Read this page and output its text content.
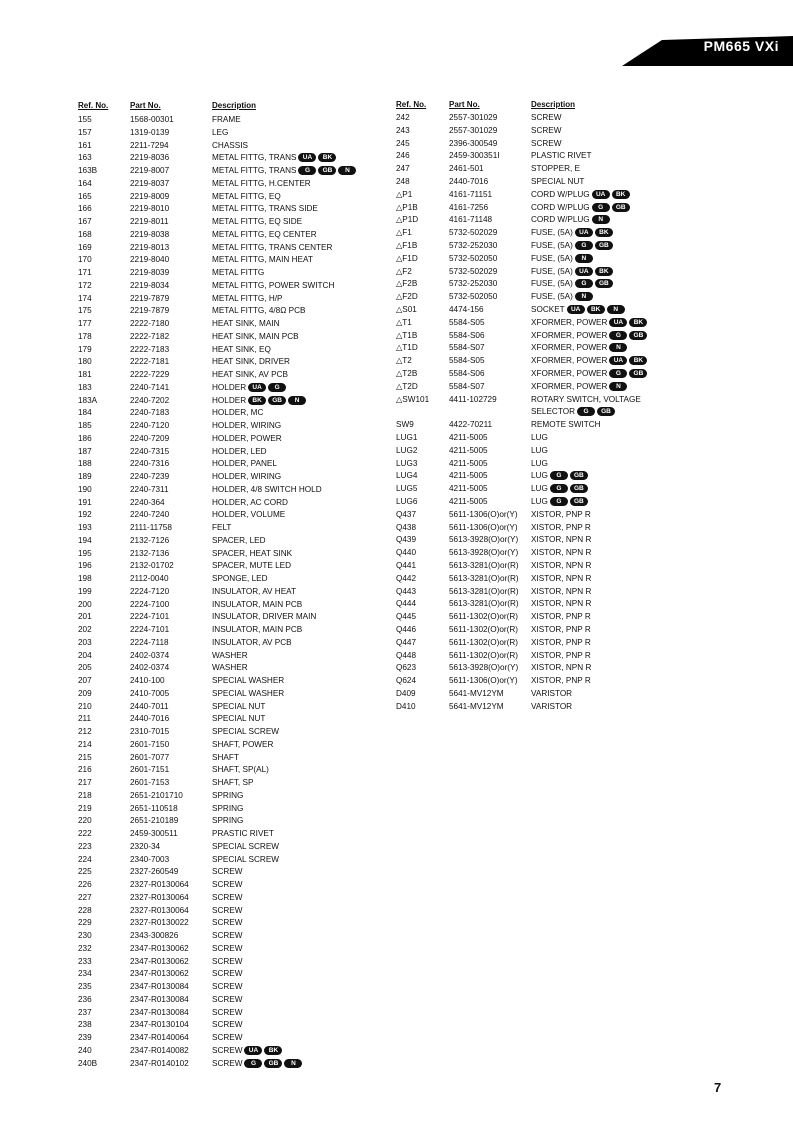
PM665 VXi
Ref. No.	Part No.	Description	Ref. No.	Part No.	Description
155	1568-00301	FRAME
157	1319-0139	LEG
161	2211-7294	CHASSIS
163	2219-8036	METAL FITTG, TRANS UA BK
163B	2219-8007	METAL FITTG, TRANS G GB N
164	2219-8037	METAL FITTG, H.CENTER
165	2219-8009	METAL FITTG, EQ
166	2219-8010	METAL FITTG, TRANS SIDE
167	2219-8011	METAL FITTG, EQ SIDE
168	2219-8038	METAL FITTG, EQ CENTER
169	2219-8013	METAL FITTG, TRANS CENTER
170	2219-8040	METAL FITTG, MAIN HEAT
171	2219-8039	METAL FITTG
172	2219-8034	METAL FITTG, POWER SWITCH
174	2219-7879	METAL FITTG, H/P
175	2219-7879	METAL FITTG, 4/8Ω PCB
177	2222-7180	HEAT SINK, MAIN
178	2222-7182	HEAT SINK, MAIN PCB
179	2222-7183	HEAT SINK, EQ
180	2222-7181	HEAT SINK, DRIVER
181	2222-7229	HEAT SINK, AV PCB
183	2240-7141	HOLDER UA G
183A	2240-7202	HOLDER BK GB N
184	2240-7183	HOLDER, MC
185	2240-7120	HOLDER, WIRING
186	2240-7209	HOLDER, POWER
187	2240-7315	HOLDER, LED
188	2240-7316	HOLDER, PANEL
189	2240-7239	HOLDER, WIRING
190	2240-7311	HOLDER, 4/8 SWITCH HOLD
191	2240-364	HOLDER, AC CORD
192	2240-7240	HOLDER, VOLUME
193	2111-11758	FELT
194	2132-7126	SPACER, LED
195	2132-7136	SPACER, HEAT SINK
196	2132-01702	SPACER, MUTE LED
198	2112-0040	SPONGE, LED
199	2224-7120	INSULATOR, AV HEAT
200	2224-7100	INSULATOR, MAIN PCB
201	2224-7101	INSULATOR, DRIVER MAIN
202	2224-7101	INSULATOR, MAIN PCB
203	2224-7118	INSULATOR, AV PCB
204	2402-0374	WASHER
205	2402-0374	WASHER
207	2410-100	SPECIAL WASHER
209	2410-7005	SPECIAL WASHER
210	2440-7011	SPECIAL NUT
211	2440-7016	SPECIAL NUT
212	2310-7015	SPECIAL SCREW
214	2601-7150	SHAFT, POWER
215	2601-7077	SHAFT
216	2601-7151	SHAFT, SP(AL)
217	2601-7153	SHAFT, SP
218	2651-2101710	SPRING
219	2651-110518	SPRING
220	2651-210189	SPRING
222	2459-300511	PRASTIC RIVET
223	2320-34	SPECIAL SCREW
224	2340-7003	SPECIAL SCREW
225	2327-260549	SCREW
226	2327-R0130064	SCREW
227	2327-R0130064	SCREW
228	2327-R0130064	SCREW
229	2327-R0130022	SCREW
230	2343-300826	SCREW
232	2347-R0130062	SCREW
233	2347-R0130062	SCREW
234	2347-R0130062	SCREW
235	2347-R0130084	SCREW
236	2347-R0130084	SCREW
237	2347-R0130084	SCREW
238	2347-R0130104	SCREW
239	2347-R0140064	SCREW
240	2347-R0140082	SCREW UA BK
240B	2347-R0140102	SCREW G GB N
242	2557-301029	SCREW
243	2557-301029	SCREW
245	2396-300549	SCREW
246	2459-300351I	PLASTIC RIVET
247	2461-501	STOPPER, E
248	2440-7016	SPECIAL NUT
△P1	4161-71151	CORD W/PLUG UA BK
△P1B	4161-7256	CORD W/PLUG G GB
△P1D	4161-71148	CORD W/PLUG N
△F1	5732-502029	FUSE, (5A) UA BK
△F1B	5732-252030	FUSE, (5A) G GB
△F1D	5732-502050	FUSE, (5A) N
△F2	5732-502029	FUSE, (5A) UA BK
△F2B	5732-252030	FUSE, (5A) G GB
△F2D	5732-502050	FUSE, (5A) N
△S01	4474-156	SOCKET UA BK N
△T1	5584-S05	XFORMER, POWER UA BK
△T1B	5584-S06	XFORMER, POWER G GB
△T1D	5584-S07	XFORMER, POWER N
△T2	5584-S05	XFORMER, POWER UA BK
△T2B	5584-S06	XFORMER, POWER G GB
△T2D	5584-S07	XFORMER, POWER N
△SW101 4411-102729	ROTARY SWITCH, VOLTAGE
SELECTOR G GB
SW9	4422-70211	REMOTE SWITCH
LUG1	4211-5005	LUG
LUG2	4211-5005	LUG
LUG3	4211-5005	LUG
LUG4	4211-5005	LUG G GB
LUG5	4211-5005	LUG G GB
LUG6	4211-5005	LUG G GB
Q437	5611-1306(O)or(Y) XISTOR, PNP R
Q438	5611-1306(O)or(Y) XISTOR, PNP R
Q439	5613-3928(O)or(Y) XISTOR, NPN R
Q440	5613-3928(O)or(Y) XISTOR, NPN R
Q441	5613-3281(O)or(R) XISTOR, NPN R
Q442	5613-3281(O)or(R) XISTOR, NPN R
Q443	5613-3281(O)or(R) XISTOR, NPN R
Q444	5613-3281(O)or(R) XISTOR, NPN R
Q445	5611-1302(O)or(R) XISTOR, PNP R
Q446	5611-1302(O)or(R) XISTOR, PNP R
Q447	5611-1302(O)or(R) XISTOR, PNP R
Q448	5611-1302(O)or(R) XISTOR, PNP R
Q623	5613-3928(O)or(Y) XISTOR, NPN R
Q624	5611-1306(O)or(Y) XISTOR, PNP R
D409	5641-MV12YM	VARISTOR
D410	5641-MV12YM	VARISTOR
7
